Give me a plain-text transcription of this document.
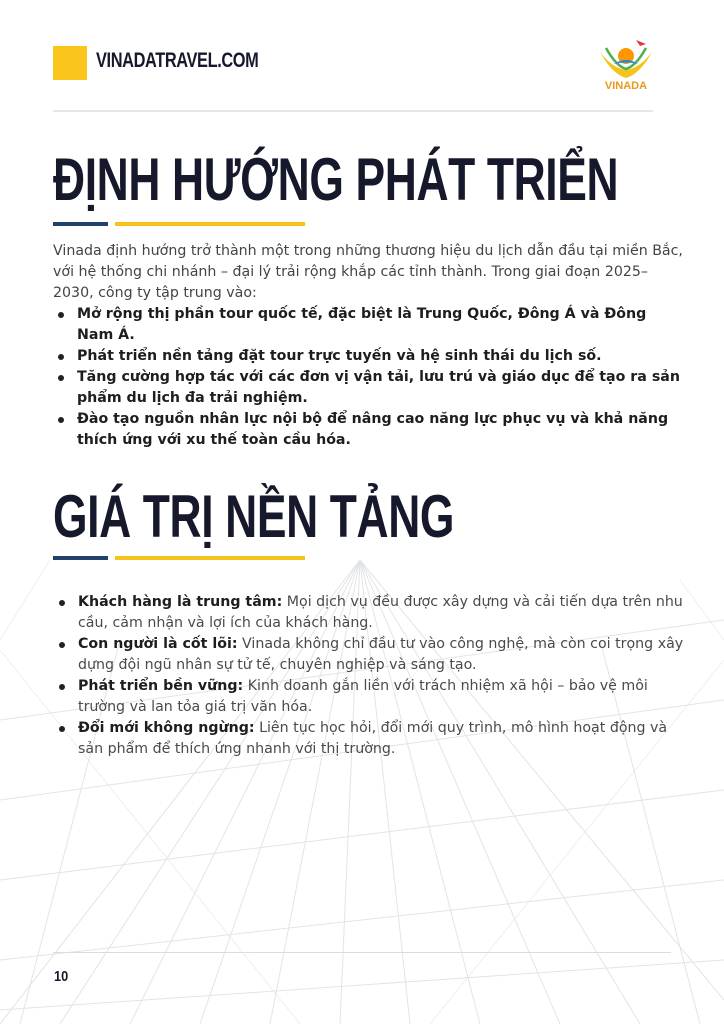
VINADATRAVEL.COM
VINADA
ĐỊNH HƯỚNG PHÁT TRIỂN

Vinada định hướng trở thành một trong những thương hiệu du lịch dẫn đầu tại miền Bắc, với hệ thống chi nhánh – đại lý trải rộng khắp các tỉnh thành. Trong giai đoạn 2025–2030, công ty tập trung vào:

Mở rộng thị phần tour quốc tế, đặc biệt là Trung Quốc, Đông Á và Đông Nam Á.
Phát triển nền tảng đặt tour trực tuyến và hệ sinh thái du lịch số.
Tăng cường hợp tác với các đơn vị vận tải, lưu trú và giáo dục để tạo ra sản phẩm du lịch đa trải nghiệm.
Đào tạo nguồn nhân lực nội bộ để nâng cao năng lực phục vụ và khả năng thích ứng với xu thế toàn cầu hóa.
GIÁ TRỊ NỀN TẢNG
Khách hàng là trung tâm: Mọi dịch vụ đều được xây dựng và cải tiến dựa trên nhu cầu, cảm nhận và lợi ích của khách hàng.
Con người là cốt lõi: Vinada không chỉ đầu tư vào công nghệ, mà còn coi trọng xây dựng đội ngũ nhân sự tử tế, chuyên nghiệp và sáng tạo.
Phát triển bền vững: Kinh doanh gắn liền với trách nhiệm xã hội – bảo vệ môi trường và lan tỏa giá trị văn hóa.
Đổi mới không ngừng: Liên tục học hỏi, đổi mới quy trình, mô hình hoạt động và sản phẩm để thích ứng nhanh với thị trường.
10
